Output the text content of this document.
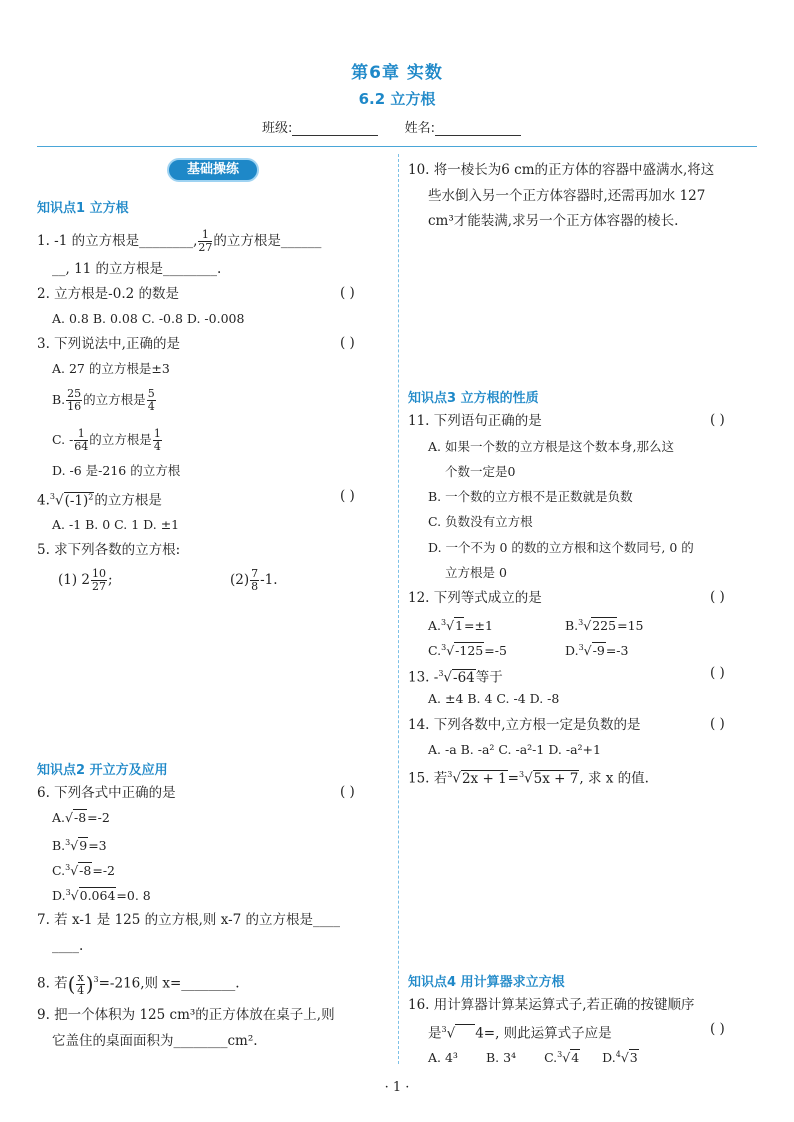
第6章 实数
6.2 立方根
班级:	姓名:
基础操练
知识点1 立方根
1. -1 的立方根是________, $\frac{1}{27}$ 的立方根是______
__, 11 的立方根是________.
2. 立方根是-0.2 的数是	( )
A. 0.8 B. 0.08 C. -0.8 D. -0.008
3. 下列说法中,正确的是	( )
A. 27 的立方根是±3
B. $\frac{25}{16}$ 的立方根是 $\frac{5}{4}$
C. - $\frac{1}{64}$ 的立方根是 $\frac{1}{4}$
D. -6 是-216 的立方根
$4.^3√(-1)^2$的立方根是	( )
A. -1 B. 0 C. 1 D. ±1
5. 求下列各数的立方根:
(1) $2 \frac{10}{27}$ ;	$(2) \frac{7}{8} -1$.
知识点2 开立方及应用
6. 下列各式中正确的是	( )
A.√-8=-2
B.$^3$√9=3
C.$^3$√-8=-2
D.$^3$√0.064=0. 8
7. 若 x-1 是 125 的立方根,则 x-7 的立方根是____
____.
8. 若( $\frac{x}{4} )^3=-216$,则 x=________.
9. 把一个体积为 125 cm³的正方体放在桌子上,则
它盖住的桌面面积为________cm².
10. 将一棱长为6 cm的正方体的容器中盛满水,将这
些水倒入另一个正方体容器时,还需再加水 127
cm³才能装满,求另一个正方体容器的棱长.
知识点3 立方根的性质
11. 下列语句正确的是	( )
A. 如果一个数的立方根是这个数本身,那么这
个数一定是0
B. 一个数的立方根不是正数就是负数
C. 负数没有立方根
D. 一个不为 0 的数的立方根和这个数同号, 0 的
立方根是 0
12. 下列等式成立的是	( )
A.$^3$√1=±1	B.$^3$√225=15
C.$^3$√-125=-5	D.$^3$√-9=-3
13. -$^3$√-64等于	( )
A. ±4 B. 4 C. -4 D. -8
14. 下列各数中,立方根一定是负数的是	( )
A. -a B. -a² C. -a²-1 D. -a²+1
15. 若$^3$√2x + 1=$^3$√5x + 7, 求 x 的值.
知识点4 用计算器求立方根
16. 用计算器计算某运算式子,若正确的按键顺序
是$^3$√ 4=, 则此运算式子应是	( )
A. 4³ B. 3⁴ C.$^3$√4 D.$^4$√3
· 1 ·
